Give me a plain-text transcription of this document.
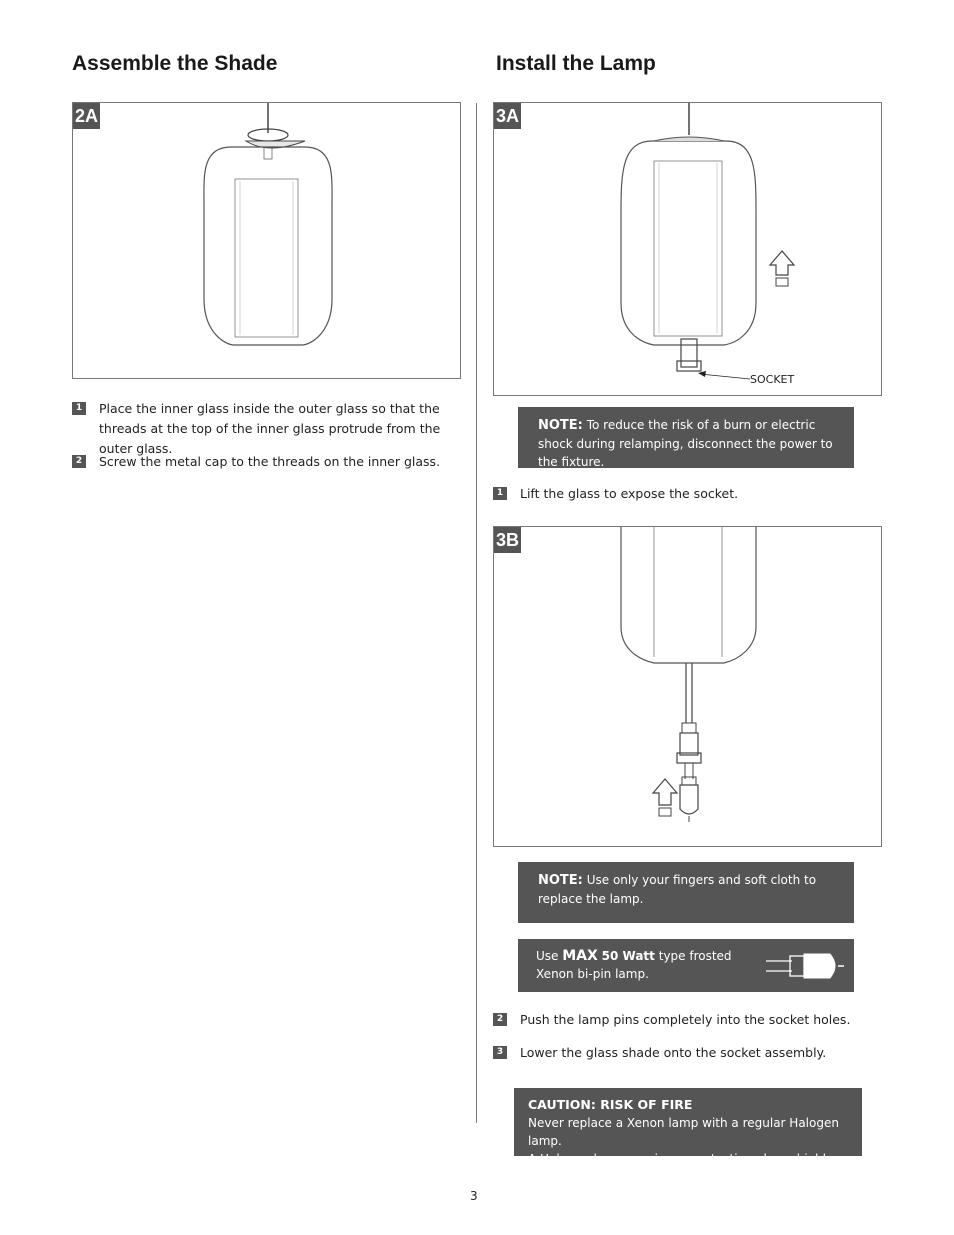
Assemble the Shade	Install the Lamp
2A
1	Place the inner glass inside the outer glass so that the threads at the top of the inner glass protrude from the outer glass.
2	Screw the metal cap to the threads on the inner glass.
3A
SOCKET
NOTE: To reduce the risk of a burn or electric shock during relamping, disconnect the power to the fixture.
1	Lift the glass to expose the socket.
3B
NOTE: Use only your fingers and soft cloth to replace the lamp.
Use MAX 50 Watt type frosted
Xenon bi-pin lamp.
2	Push the lamp pins completely into the socket holes.
3	Lower the glass shade onto the socket assembly.
CAUTION: RISK OF FIRE
Never replace a Xenon lamp with a regular Halogen lamp.
A Halogen lamp requires a protective glass shield.
3
